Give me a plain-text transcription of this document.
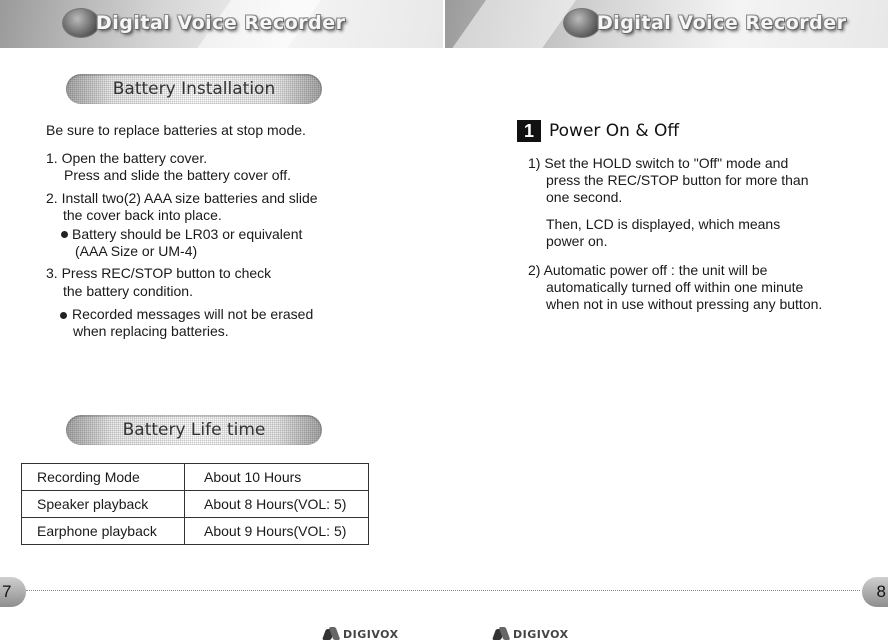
Digital Voice Recorder	Digital Voice Recorder
Battery Installation

Be sure to replace batteries at stop mode.

1. Open the battery cover.

Press and slide the battery cover off.

2. Install two(2) AAA size batteries and slide

the cover back into place.

Battery should be LR03 or equivalent

(AAA Size or UM-4)

3. Press REC/STOP button to check

the battery condition.

Recorded messages will not be erased

when replacing batteries.

Battery Life time
Recording Mode	About 10 Hours
Speaker playback	About 8 Hours(VOL: 5)
Earphone playback	About 9 Hours(VOL: 5)
1 Power On & Off

1) Set the HOLD switch to "Off" mode and

press the REC/STOP button for more than

one second.

Then, LCD is displayed, which means

power on.

2) Automatic power off : the unit will be

automatically turned off within one minute

when not in use without pressing any button.

7	8
DIGIVOX	DIGIVOX
